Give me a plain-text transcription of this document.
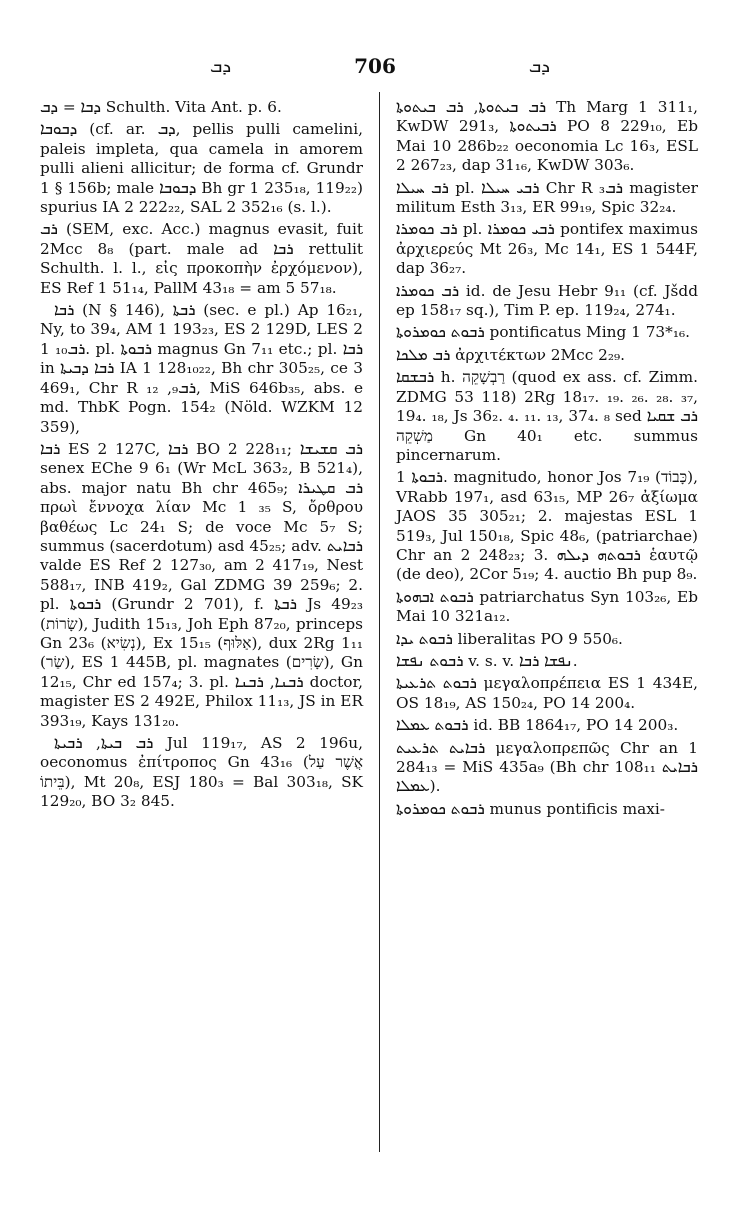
ܕܒ	706	ܕܒ

ܕܒܐ = ܕܒ Schulth. Vita Ant. p. 6.

ܕܒܘܒܐ (cf. ar. ܕܒ, pellis pulli camelini, paleis impleta, qua camela in amorem pulli alieni allicitur; de forma cf. Grundr 1 § 156b; male ܕܒܘܒܐ Bh gr 1 235₁₈, 119₂₂) spurius IA 2 222₂₂, SAL 2 352₁₆ (s. l.).

ܪܒ (SEM, exc. Acc.) magnus evasit, fuit 2Mcc 8₈ (part. male ad ܪܒܐ rettulit Schulth. l. l., εἰς προκοπὴν ἐρχόμενον), ES Ref 1 51₁₄, PallM 43₁₈ = am 5 57₁₈.

ܪܒܐ (N § 146), ܪܒܬܐ (sec. e pl.) Ap 16₂₁, Ny, to 39₄, AM 1 193₂₃, ES 2 129D, LES 2 ܪܒ₁₀ 1. pl. ܪܒܘܬܐ magnus Gn 7₁₁ etc.; pl. ܪܒܐ in ܪܒܐ ܕܒܝܬܐ IA 1 128₁₀₂₂, Bh chr 305₂₅, ce 3 469₁, Chr R ܪܒ₉, ₁₂, MiS 646b₃₅, abs. e md. ThbK Pogn. 154₂ (Nöld. WZKM 12 359),

ܪܒܐ ES 2 127C, ܪܒܐ BO 2 228₁₁; ܪܒ ܩܫܝܫܐ senex EChe 9 6₁ (Wr McL 363₂, B 521₄), abs. major natu Bh chr 465₉; ܪܒ ܩܛܝܪܐ πρωὶ ἔννοχα λίαν Mc 1 ₃₅ S, ὄρθρου βαθέως Lc 24₁ S; de voce Mc 5₇ S; summus (sacerdotum) asd 45₂₅; adv. ܪܒܐܝܬ valde ES Ref 2 127₃₀, am 2 417₁₉, Nest 588₁₇, INB 419₂, Gal ZDMG 39 259₆; 2. pl. ܪܒܘܬܐ (Grundr 2 701), f. ܪܒܬܐ Js 49₂₃ (שָׂרוֹת), Judith 15₁₃, Joh Eph 87₂₀, princeps Gn 23₆ (נְשִׂיא), Ex 15₁₅ (אַלּוּף), dux 2Rg 1₁₁ (שַׂר), ES 1 445B, pl. magnates (שָׂרִים), Gn 12₁₅, Chr ed 157₄; 3. pl. ܪܒܢܐ, ܪܒܢܐ doctor, magister ES 2 492E, Philox 11₁₃, JS in ER 393₁₉, Kays 131₂₀.

ܪܒ ܒܝܬܐ, ܪܒܝܬܐ Jul 119₁₇, AS 2 196u, oeconomus ἐπίτροπος Gn 43₁₆ (אֲשֶׁר עַל בֵּיתוֹ), Mt 20₈, ESJ 180₃ = Bal 303₁₈, SK 129₂₀, BO 3₂ 845.

ܪܒ ܒܝܬܘܬܐ, ܪܒ ܒܝܬܘܬܐ Th Marg 1 311₁, KwDW 291₃, ܪܒܝܬܘܬܐ PO 8 229₁₀, Eb Mai 10 286b₂₂ oeconomia Lc 16₃, ESL 2 267₂₃, dap 31₁₆, KwDW 303₆.

ܪܒ ܚܝܠܐ pl. ܪܒܝ ܚܝܠܐ Chr R ܪܒ₃ magister militum Esth 3₁₃, ER 99₁₉, Spic 32₂₄.

ܪܒ ܟܘܡܪܐ pl. ܪܒܝ ܟܘܡܪܐ pontifex maximus ἀρχιερεύς Mt 26₃, Mc 14₁, ES 1 544F, dap 36₂₇.

ܪܒ ܟܘܡܪܐ id. de Jesu Hebr 9₁₁ (cf. Jšdd ep 158₁₇ sq.), Tim P. ep. 119₂₄, 274₁.

ܪܒܘܬ ܟܘܡܪܘܬܐ pontificatus Ming 1 73*₁₆.

ܪܒ ܡܠܟܐ ἀρχιτέκτων 2Mcc 2₂₉.

ܪܒܫܩܐ h. רַבְשָׁקֵה (quod ex ass. cf. Zimm. ZDMG 53 118) 2Rg 18₁₇. ₁₉. ₂₆. ₂₈. ₃₇, 19₄. ₁₈, Js 36₂. ₄. ₁₁. ₁₃, 37₄. ₈ sed ܪܒ ܫܩܝܐ מַשְׁקֵה Gn 40₁ etc. summus pincernarum.

ܪܒܘܬܐ 1. magnitudo, honor Jos 7₁₉ (כָּבוֹד), VRabb 197₁, asd 63₁₅, MP 26₇ ἀξίωμα JAOS 35 305₂₁; 2. majestas ESL 1 519₃, Jul 150₁₈, Spic 48₆, (patriarchae) Chr an 2 248₂₃; 3. ܪܒܘܬܗ ܕܝܠܗ ἑαυτῷ (de deo), 2Cor 5₁₉; 4. auctio Bh pup 8₉.

ܪܒܘܬ ܐܒܗܘܬܐ patriarchatus Syn 103₂₆, Eb Mai 10 321a₁₂.

ܪܒܘܬ ܝܕܐ liberalitas PO 9 550₆.

ܪܒܘܬ ܢܦܫܐ v. s. v. ܢܦܫܐ ܪܒܐ.

ܪܒܘܬ ܬܪܥܝܬܐ μεγαλοπρέπεια ES 1 434E, OS 18₁₉, AS 150₂₄, PO 14 200₄.

ܪܒܘܬ ܥܡܠܐ id. BB 1864₁₇, PO 14 200₃.

ܪܒܐܝܬ ܬܪܥܝܬ μεγαλοπρεπῶς Chr an 1 284₁₃ = MiS 435a₉ (Bh chr 108₁₁ ܪܒܐܝܬ ܥܡܠܐ).

ܪܒܘܬ ܟܘܡܪܘܬܐ munus pontificis maxi-
